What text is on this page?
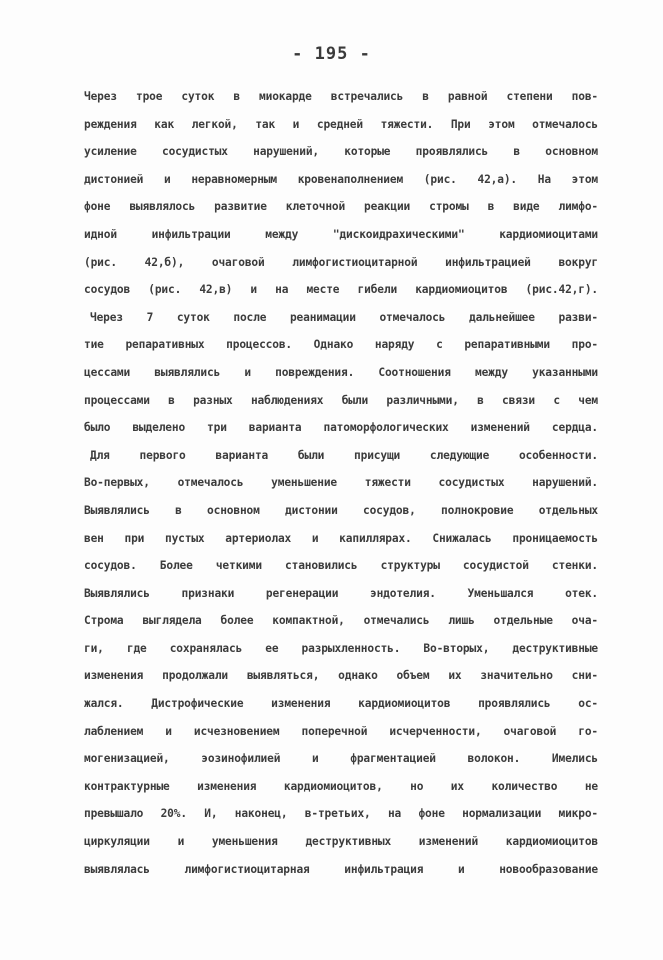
- 195 -
Через трое суток в миокарде встречались в равной степени пов-
реждения как легкой, так и средней тяжести. При этом отмечалось
усиление сосудистых нарушений, которые проявлялись в основном
дистонией и неравномерным кровенаполнением (рис. 42,а). На этом
фоне выявлялось развитие клеточной реакции стромы в виде лимфо-
идной инфильтрации между "дискоидрахическими" кардиомиоцитами
(рис. 42,б), очаговой лимфогистиоцитарной инфильтрацией вокруг
сосудов (рис. 42,в) и на месте гибели кардиомиоцитов (рис.42,г).
Через 7 суток после реанимации отмечалось дальнейшее разви-
тие репаративных процессов. Однако наряду с репаративными про-
цессами выявлялись и повреждения. Соотношения между указанными
процессами в разных наблюдениях были различными, в связи с чем
было выделено три варианта патоморфологических изменений сердца.
Для первого варианта были присущи следующие особенности.
Во-первых, отмечалось уменьшение тяжести сосудистых нарушений.
Выявлялись в основном дистонии сосудов, полнокровие отдельных
вен при пустых артериолах и капиллярах. Снижалась проницаемость
сосудов. Более четкими становились структуры сосудистой стенки.
Выявлялись признаки регенерации эндотелия. Уменьшался отек.
Строма выглядела более компактной, отмечались лишь отдельные оча-
ги, где сохранялась ее разрыхленность. Во-вторых, деструктивные
изменения продолжали выявляться, однако объем их значительно сни-
жался. Дистрофические изменения кардиомиоцитов проявлялись ос-
лаблением и исчезновением поперечной исчерченности, очаговой го-
могенизацией, эозинофилией и фрагментацией волокон. Имелись
контрактурные изменения кардиомиоцитов, но их количество не
превышало 20%. И, наконец, в-третьих, на фоне нормализации микро-
циркуляции и уменьшения деструктивных изменений кардиомиоцитов
выявлялась лимфогистиоцитарная инфильтрация и новообразование
